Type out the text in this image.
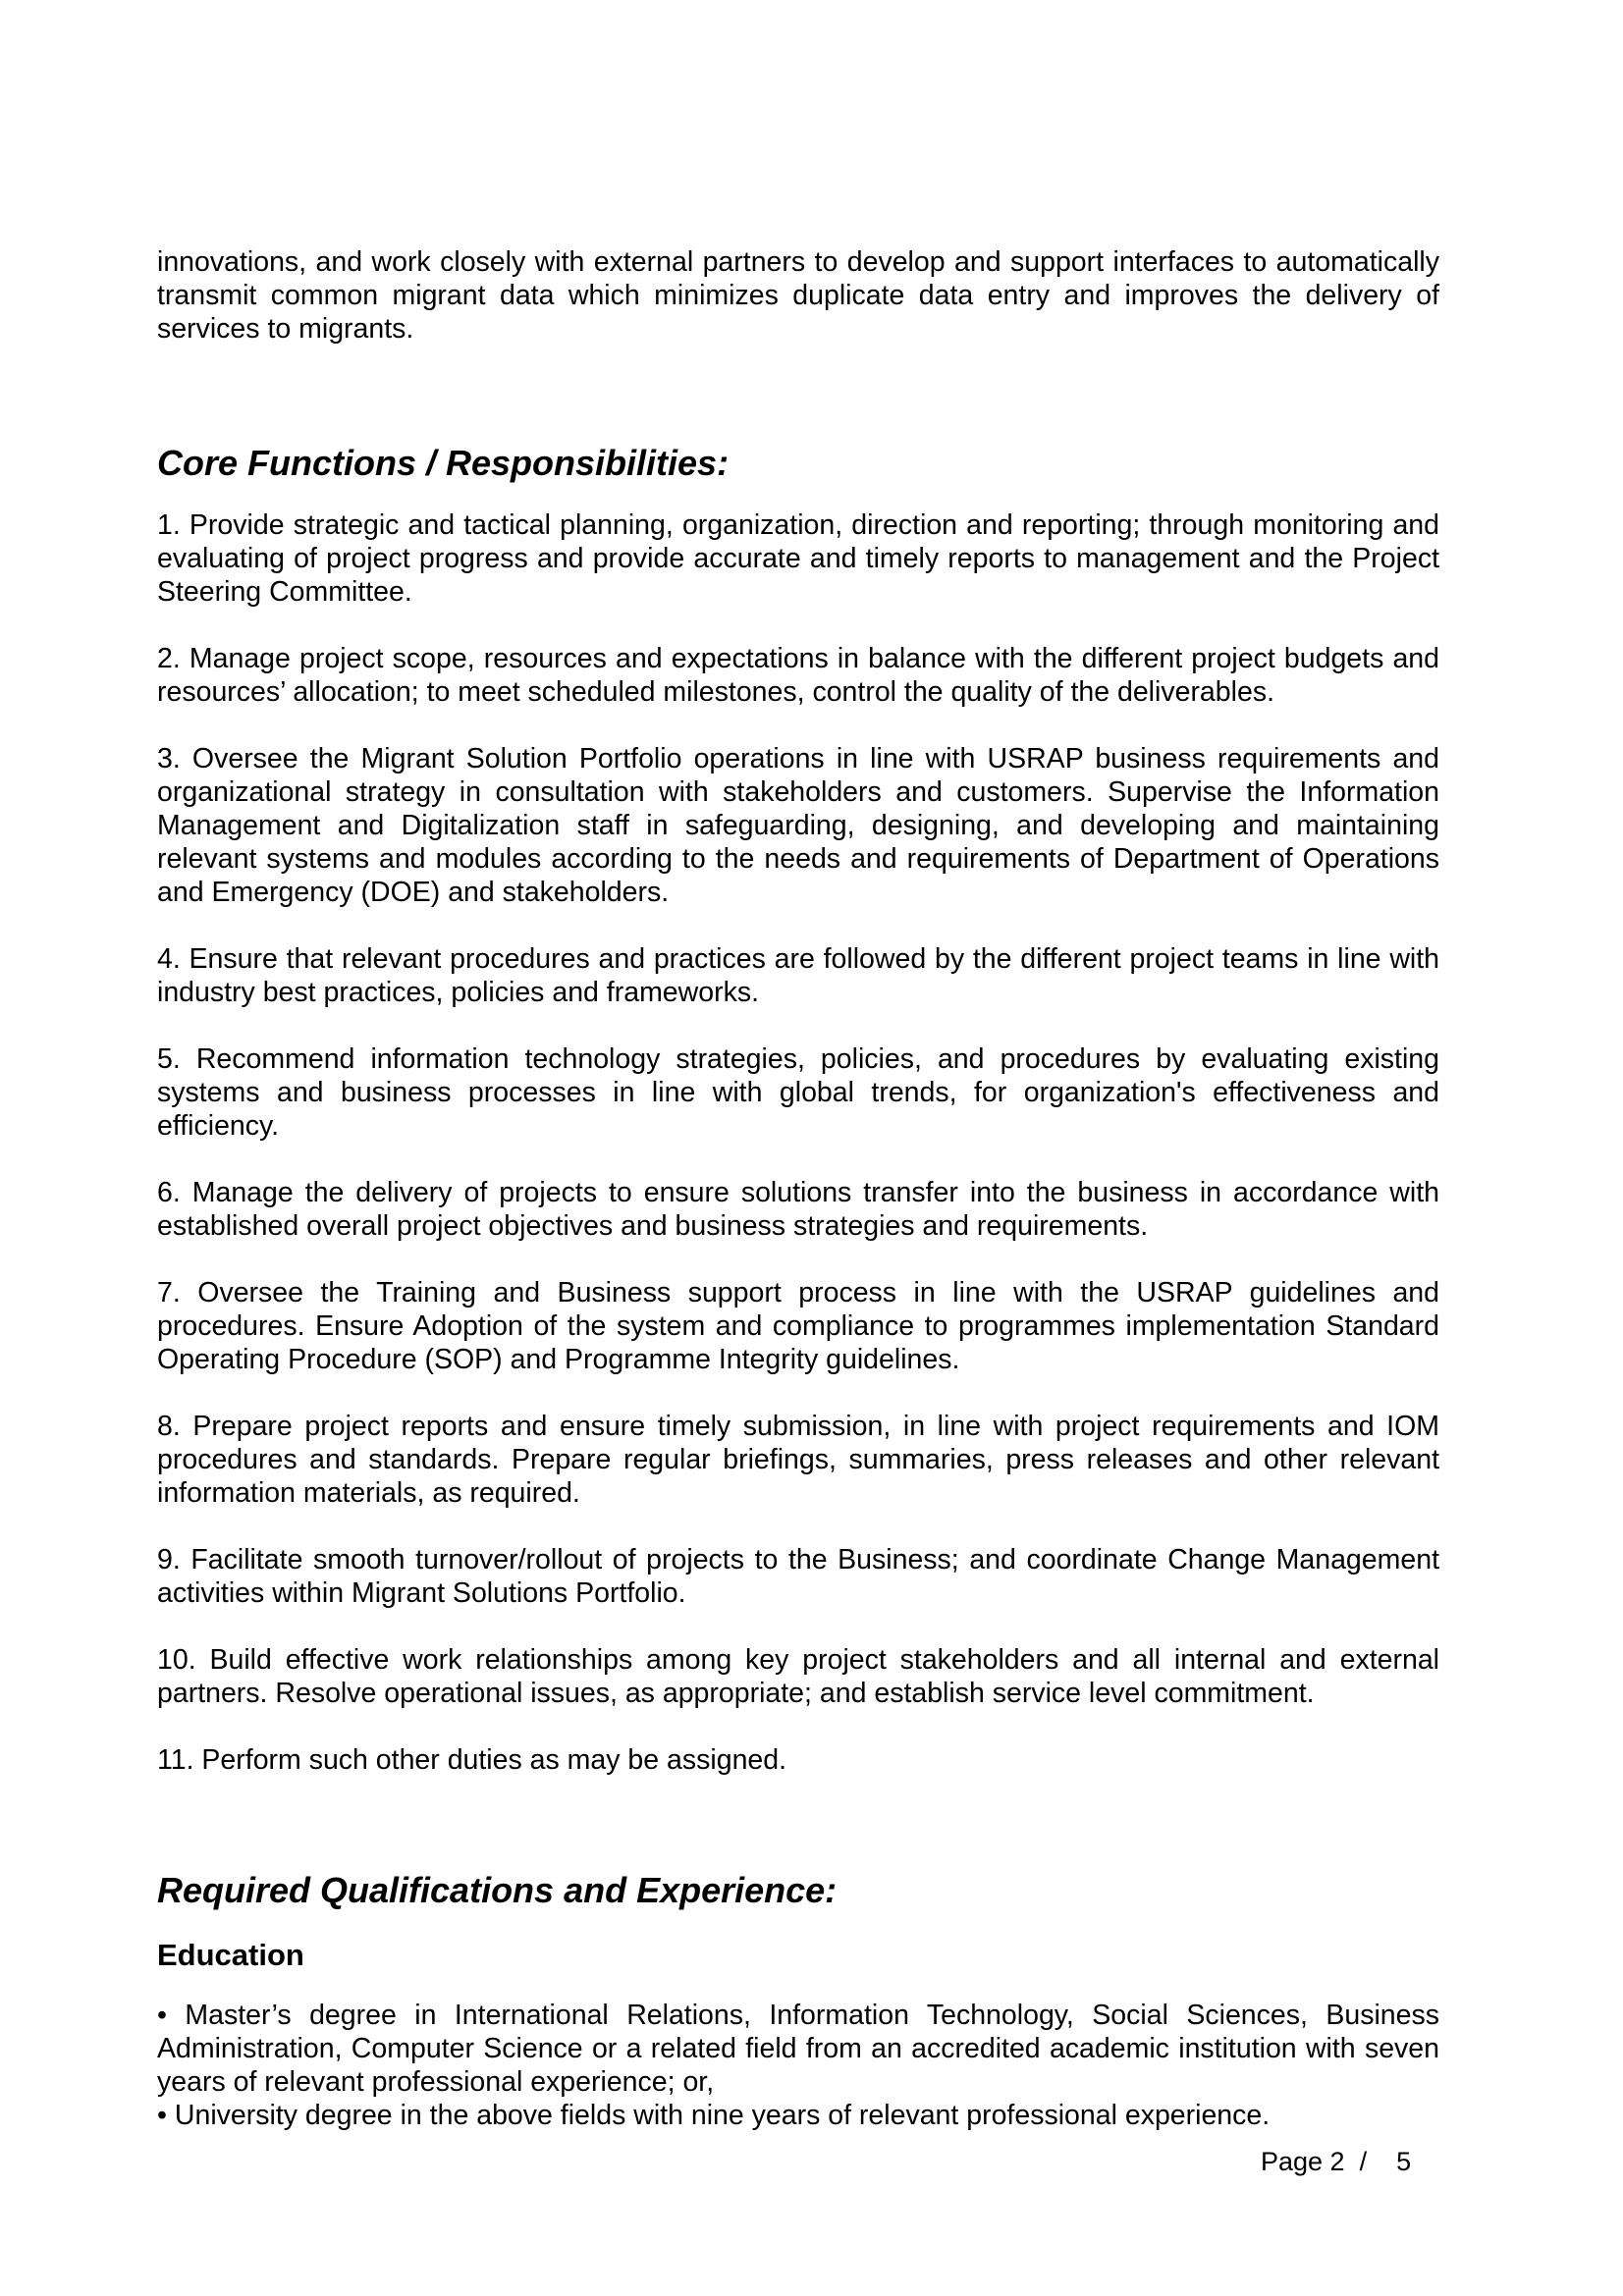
innovations, and work closely with external partners to develop and support interfaces to automatically transmit common migrant data which minimizes duplicate data entry and improves the delivery of services to migrants.

Core Functions / Responsibilities:

1. Provide strategic and tactical planning, organization, direction and reporting; through monitoring and evaluating of project progress and provide accurate and timely reports to management and the Project Steering Committee.

2. Manage project scope, resources and expectations in balance with the different project budgets and resources’ allocation; to meet scheduled milestones, control the quality of the deliverables.

3. Oversee the Migrant Solution Portfolio operations in line with USRAP business requirements and organizational strategy in consultation with stakeholders and customers. Supervise the Information Management and Digitalization staff in safeguarding, designing, and developing and maintaining relevant systems and modules according to the needs and requirements of Department of Operations and Emergency (DOE) and stakeholders.

4. Ensure that relevant procedures and practices are followed by the different project teams in line with industry best practices, policies and frameworks.

5. Recommend information technology strategies, policies, and procedures by evaluating existing systems and business processes in line with global trends, for organization's effectiveness and efficiency.

6. Manage the delivery of projects to ensure solutions transfer into the business in accordance with established overall project objectives and business strategies and requirements.

7. Oversee the Training and Business support process in line with the USRAP guidelines and procedures. Ensure Adoption of the system and compliance to programmes implementation Standard Operating Procedure (SOP) and Programme Integrity guidelines.

8. Prepare project reports and ensure timely submission, in line with project requirements and IOM procedures and standards. Prepare regular briefings, summaries, press releases and other relevant information materials, as required.

9. Facilitate smooth turnover/rollout of projects to the Business; and coordinate Change Management activities within Migrant Solutions Portfolio.

10. Build effective work relationships among key project stakeholders and all internal and external partners. Resolve operational issues, as appropriate; and establish service level commitment.

11. Perform such other duties as may be assigned.

Required Qualifications and Experience:
Education

• Master’s degree in International Relations, Information Technology, Social Sciences, Business Administration, Computer Science or a related field from an accredited academic institution with seven years of relevant professional experience; or,

• University degree in the above fields with nine years of relevant professional experience.

Page 2  /    5
